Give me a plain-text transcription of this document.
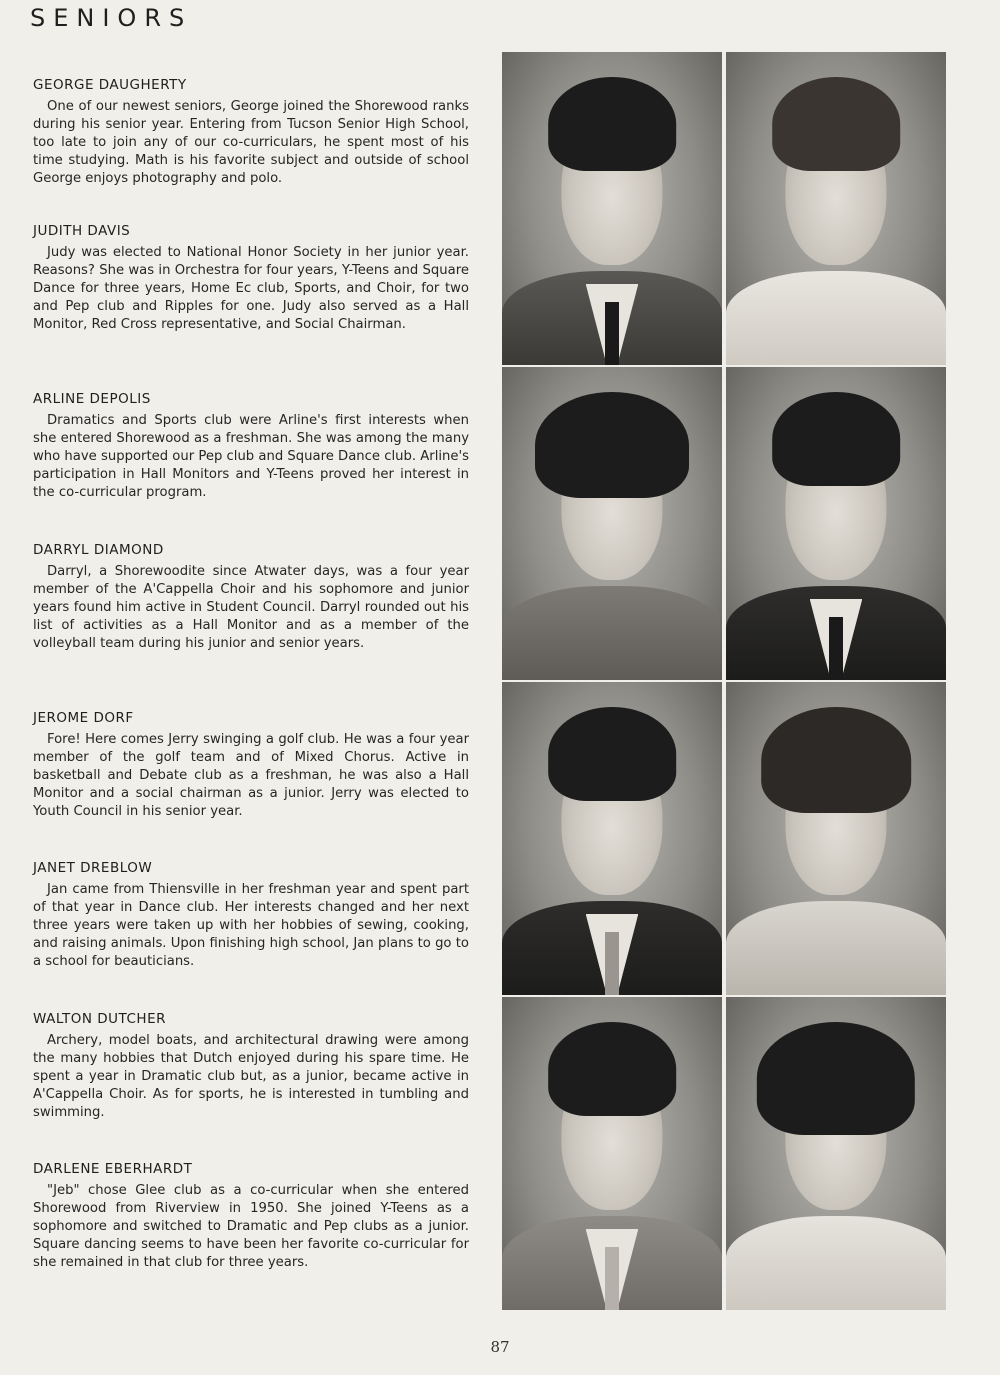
SENIORS
GEORGE DAUGHERTY
One of our newest seniors, George joined the Shorewood ranks during his senior year. Entering from Tucson Senior High School, too late to join any of our co-curriculars, he spent most of his time studying. Math is his favorite subject and outside of school George enjoys photography and polo.
JUDITH DAVIS
Judy was elected to National Honor Society in her junior year. Reasons? She was in Orchestra for four years, Y-Teens and Square Dance for three years, Home Ec club, Sports, and Choir, for two and Pep club and Ripples for one. Judy also served as a Hall Monitor, Red Cross representative, and Social Chairman.
ARLINE DEPOLIS
Dramatics and Sports club were Arline's first interests when she entered Shorewood as a freshman. She was among the many who have supported our Pep club and Square Dance club. Arline's participation in Hall Monitors and Y-Teens proved her interest in the co-curricular program.
DARRYL DIAMOND
Darryl, a Shorewoodite since Atwater days, was a four year member of the A'Cappella Choir and his sophomore and junior years found him active in Student Council. Darryl rounded out his list of activities as a Hall Monitor and as a member of the volleyball team during his junior and senior years.
JEROME DORF
Fore! Here comes Jerry swinging a golf club. He was a four year member of the golf team and of Mixed Chorus. Active in basketball and Debate club as a freshman, he was also a Hall Monitor and a social chairman as a junior. Jerry was elected to Youth Council in his senior year.
JANET DREBLOW
Jan came from Thiensville in her freshman year and spent part of that year in Dance club. Her interests changed and her next three years were taken up with her hobbies of sewing, cooking, and raising animals. Upon finishing high school, Jan plans to go to a school for beauticians.
WALTON DUTCHER
Archery, model boats, and architectural drawing were among the many hobbies that Dutch enjoyed during his spare time. He spent a year in Dramatic club but, as a junior, became active in A'Cappella Choir. As for sports, he is interested in tumbling and swimming.
DARLENE EBERHARDT
"Jeb" chose Glee club as a co-curricular when she entered Shorewood from Riverview in 1950. She joined Y-Teens as a sophomore and switched to Dramatic and Pep clubs as a junior. Square dancing seems to have been her favorite co-curricular for she remained in that club for three years.
87
